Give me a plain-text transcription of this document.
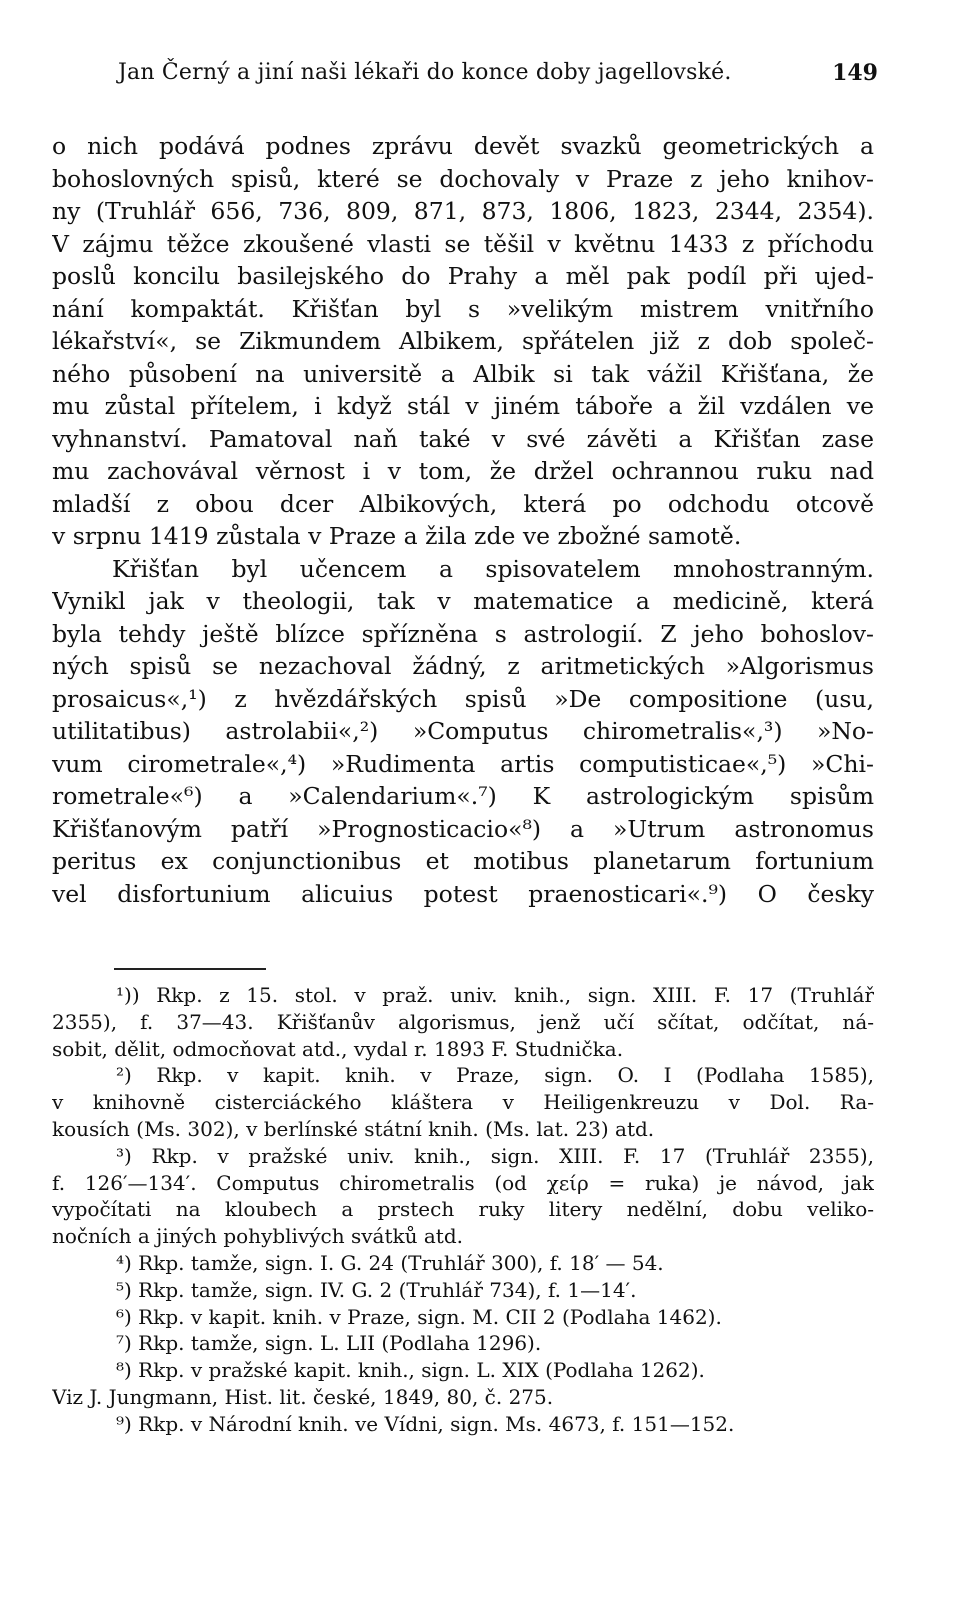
Jan Černý a jiní naši lékaři do konce doby jagellovské.	149
o nich podává podnes zprávu devět svazků geometrických a
bohoslovných spisů, které se dochovaly v Praze z jeho knihov-
ny (Truhlář 656, 736, 809, 871, 873, 1806, 1823, 2344, 2354).
V zájmu těžce zkoušené vlasti se těšil v květnu 1433 z příchodu
poslů koncilu basilejského do Prahy a měl pak podíl při ujed-
nání kompaktát. Křišťan byl s »velikým mistrem vnitřního
lékařství«, se Zikmundem Albikem, spřátelen již z dob společ-
ného působení na universitě a Albik si tak vážil Křišťana, že
mu zůstal přítelem, i když stál v jiném táboře a žil vzdálen ve
vyhnanství. Pamatoval naň také v své závěti a Křišťan zase
mu zachovával věrnost i v tom, že držel ochrannou ruku nad
mladší z obou dcer Albikových, která po odchodu otcově
v srpnu 1419 zůstala v Praze a žila zde ve zbožné samotě.
Křišťan byl učencem a spisovatelem mnohostranným.
Vynikl jak v theologii, tak v matematice a medicině, která
byla tehdy ještě blízce spřízněna s astrologií. Z jeho bohoslov-
ných spisů se nezachoval žádný, z aritmetických »Algorismus
prosaicus«,¹) z hvězdářských spisů »De compositione (usu,
utilitatibus) astrolabii«,²) »Computus chirometralis«,³) »No-
vum cirometrale«,⁴) »Rudimenta artis computisticae«,⁵) »Chi-
rometrale«⁶) a »Calendarium«.⁷) K astrologickým spisům
Křišťanovým patří »Prognosticacio«⁸) a »Utrum astronomus
peritus ex conjunctionibus et motibus planetarum fortunium
vel disfortunium alicuius potest praenosticari«.⁹) O česky
¹)) Rkp. z 15. stol. v praž. univ. knih., sign. XIII. F. 17 (Truhlář
2355), f. 37—43. Křišťanův algorismus, jenž učí sčítat, odčítat, ná-
sobit, dělit, odmocňovat atd., vydal r. 1893 F. Studnička.
²) Rkp. v kapit. knih. v Praze, sign. O. I (Podlaha 1585),
v knihovně cisterciáckého kláštera v Heiligenkreuzu v Dol. Ra-
kousích (Ms. 302), v berlínské státní knih. (Ms. lat. 23) atd.
³) Rkp. v pražské univ. knih., sign. XIII. F. 17 (Truhlář 2355),
f. 126′—134′. Computus chirometralis (od χείρ = ruka) je návod, jak
vypočítati na kloubech a prstech ruky litery nedělní, dobu veliko-
nočních a jiných pohyblivých svátků atd.
⁴) Rkp. tamže, sign. I. G. 24 (Truhlář 300), f. 18′ — 54.
⁵) Rkp. tamže, sign. IV. G. 2 (Truhlář 734), f. 1—14′.
⁶) Rkp. v kapit. knih. v Praze, sign. M. CII 2 (Podlaha 1462).
⁷) Rkp. tamže, sign. L. LII (Podlaha 1296).
⁸) Rkp. v pražské kapit. knih., sign. L. XIX (Podlaha 1262).
Viz J. Jungmann, Hist. lit. české, 1849, 80, č. 275.
⁹) Rkp. v Národní knih. ve Vídni, sign. Ms. 4673, f. 151—152.
